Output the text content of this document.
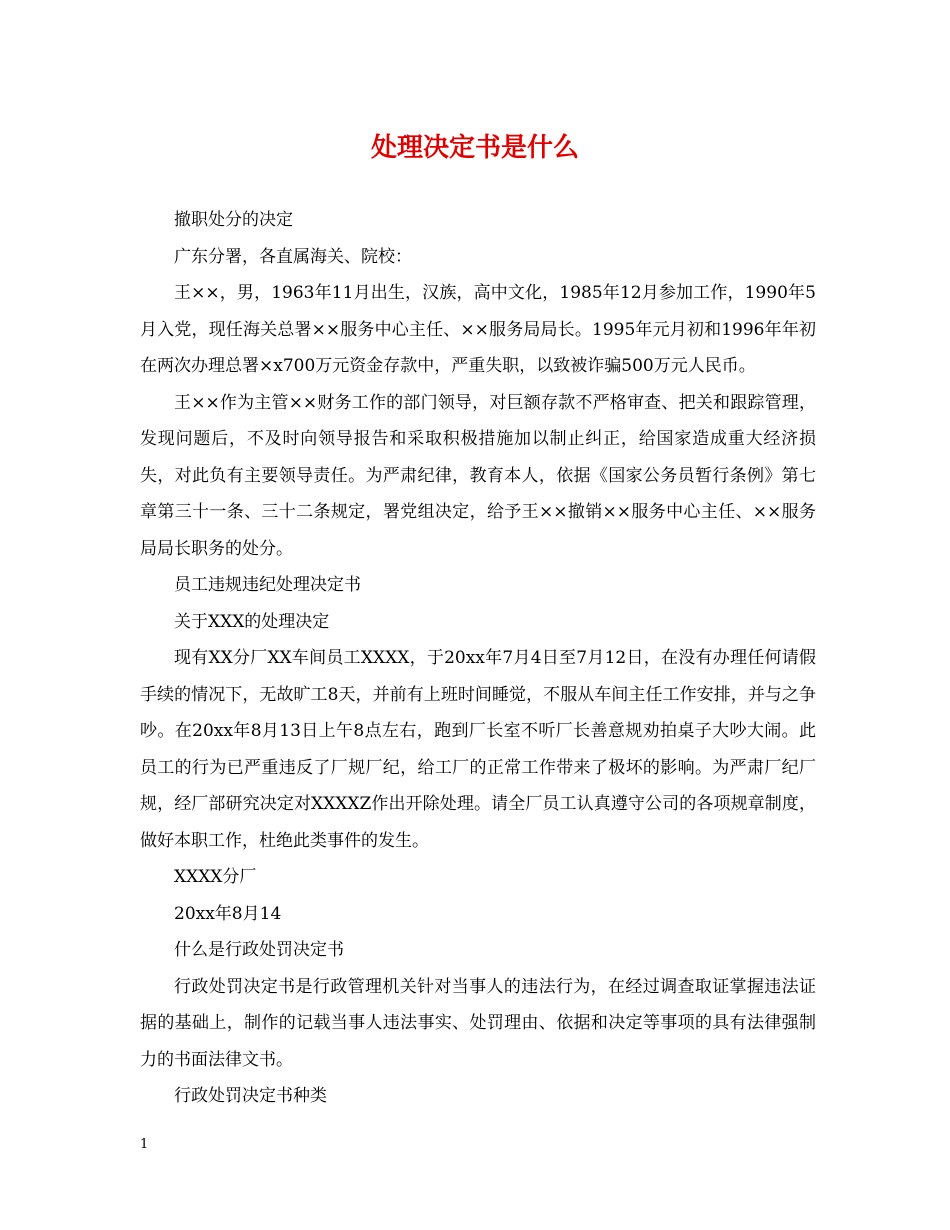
处理决定书是什么

撤职处分的决定

广东分署，各直属海关、院校：

王××，男，1963年11月出生，汉族，高中文化，1985年12月参加工作，1990年5月入党，现任海关总署××服务中心主任、××服务局局长。1995年元月初和1996年年初在两次办理总署×x700万元资金存款中，严重失职，以致被诈骗500万元人民币。

王××作为主管××财务工作的部门领导，对巨额存款不严格审查、把关和跟踪管理，发现问题后，不及时向领导报告和采取积极措施加以制止纠正，给国家造成重大经济损失，对此负有主要领导责任。为严肃纪律，教育本人，依据《国家公务员暂行条例》第七章第三十一条、三十二条规定，署党组决定，给予王××撤销××服务中心主任、××服务局局长职务的处分。

员工违规违纪处理决定书

关于XXX的处理决定

现有XX分厂XX车间员工XXXX，于20xx年7月4日至7月12日，在没有办理任何请假手续的情况下，无故旷工8天，并前有上班时间睡觉，不服从车间主任工作安排，并与之争吵。在20xx年8月13日上午8点左右，跑到厂长室不听厂长善意规劝拍桌子大吵大闹。此员工的行为已严重违反了厂规厂纪，给工厂的正常工作带来了极坏的影响。为严肃厂纪厂规，经厂部研究决定对XXXXZ作出开除处理。请全厂员工认真遵守公司的各项规章制度，做好本职工作，杜绝此类事件的发生。

XXXX分厂

20xx年8月14

什么是行政处罚决定书

行政处罚决定书是行政管理机关针对当事人的违法行为，在经过调查取证掌握违法证据的基础上，制作的记载当事人违法事实、处罚理由、依据和决定等事项的具有法律强制力的书面法律文书。

行政处罚决定书种类

1
